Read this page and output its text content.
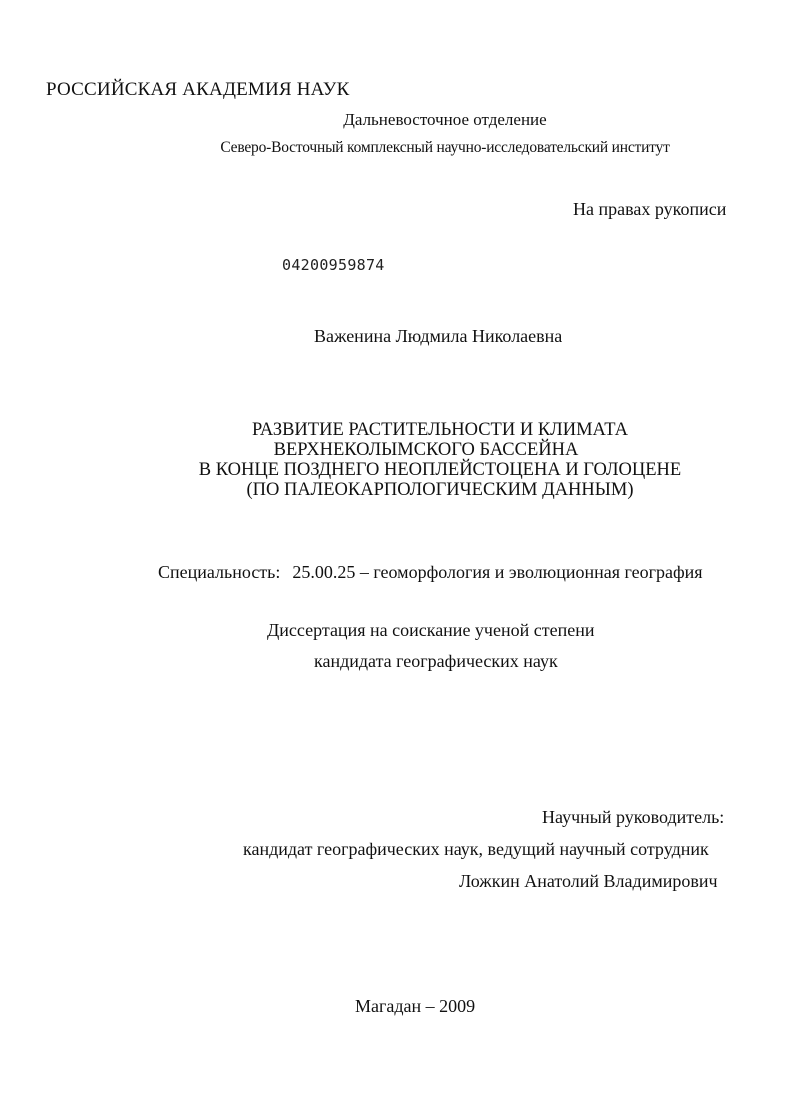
РОССИЙСКАЯ АКАДЕМИЯ НАУК
Дальневосточное отделение
Северо-Восточный комплексный научно-исследовательский институт
На правах рукописи
04200959874
Важенина Людмила Николаевна
РАЗВИТИЕ РАСТИТЕЛЬНОСТИ И КЛИМАТА
ВЕРХНЕКОЛЫМСКОГО БАССЕЙНА
В КОНЦЕ ПОЗДНЕГО НЕОПЛЕЙСТОЦЕНА И ГОЛОЦЕНЕ
(ПО ПАЛЕОКАРПОЛОГИЧЕСКИМ ДАННЫМ)
Специальность: 25.00.25 – геоморфология и эволюционная география
Диссертация на соискание ученой степени
кандидата географических наук
Научный руководитель:
кандидат географических наук, ведущий научный сотрудник
Ложкин Анатолий Владимирович
Магадан – 2009
